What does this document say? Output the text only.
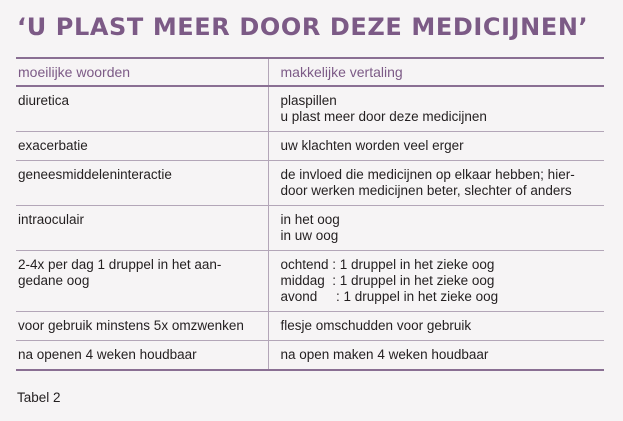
‘U PLAST MEER DOOR DEZE MEDICIJNEN’
moeilijke woorden	makkelijke vertaling

diuretica	plaspillen
u plast meer door deze medicijnen

exacerbatie	uw klachten worden veel erger

geneesmiddeleninteractie	de invloed die medicijnen op elkaar hebben; hier-
door werken medicijnen beter, slechter of anders

intraoculair	in het oog
in uw oog

2-4x per dag 1 druppel in het aan-
gedane oog	ochtend : 1 druppel in het zieke oog
middag  : 1 druppel in het zieke oog
avond     : 1 druppel in het zieke oog

voor gebruik minstens 5x omzwenken	flesje omschudden voor gebruik

na openen 4 weken houdbaar	na open maken 4 weken houdbaar
Tabel 2
